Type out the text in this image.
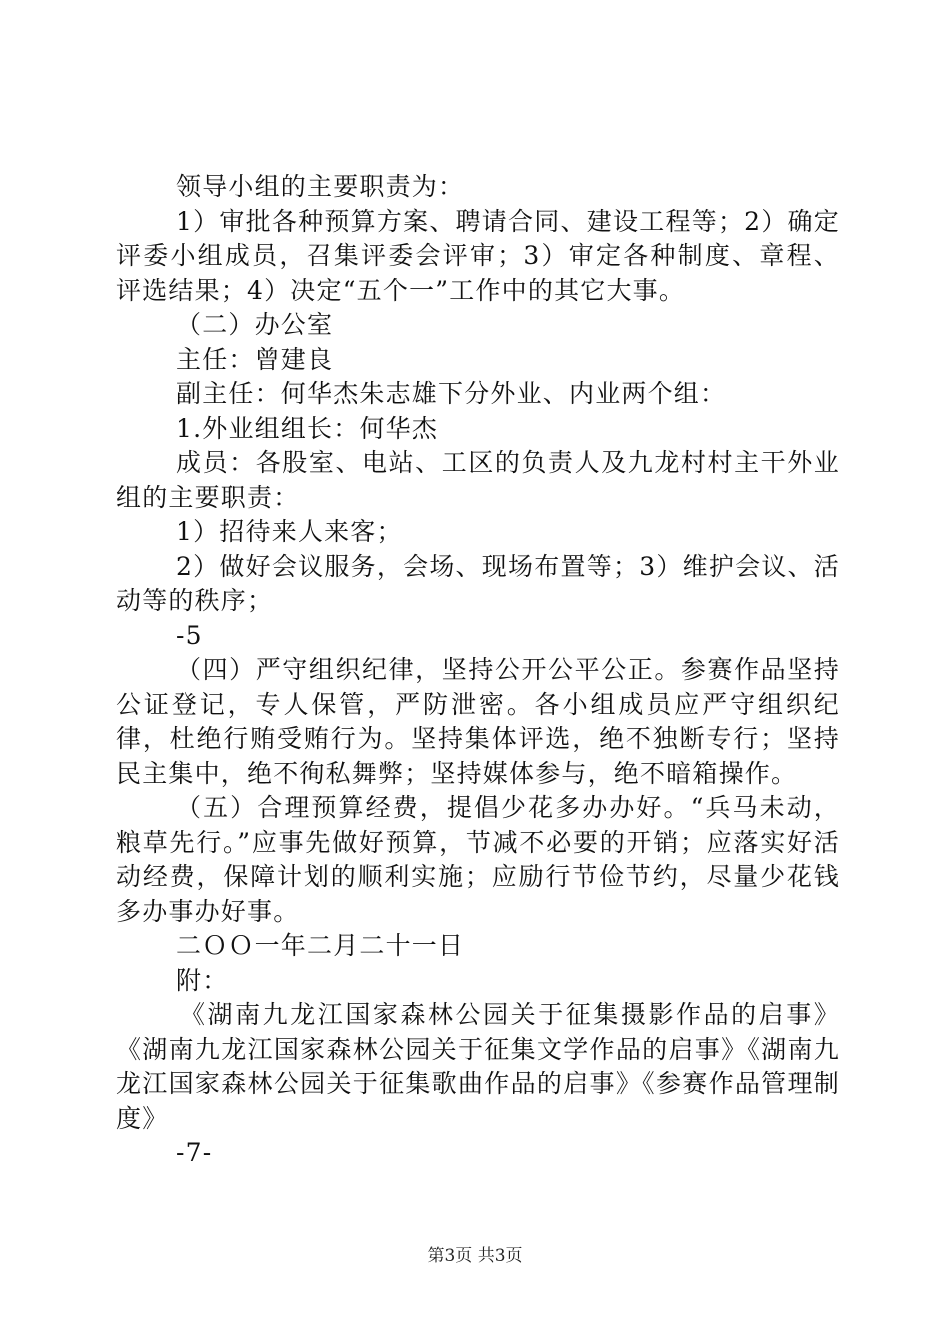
领导小组的主要职责为：

1）审批各种预算方案、聘请合同、建设工程等；2）确定评委小组成员，召集评委会评审；3）审定各种制度、章程、评选结果；4）决定“五个一”工作中的其它大事。

（二）办公室

主任：曾建良

副主任：何华杰朱志雄下分外业、内业两个组：

1.外业组组长：何华杰

成员：各股室、电站、工区的负责人及九龙村村主干外业组的主要职责：

1）招待来人来客；

2）做好会议服务，会场、现场布置等；3）维护会议、活动等的秩序；

-5

（四）严守组织纪律，坚持公开公平公正。参赛作品坚持公证登记，专人保管，严防泄密。各小组成员应严守组织纪律，杜绝行贿受贿行为。坚持集体评选，绝不独断专行；坚持民主集中，绝不徇私舞弊；坚持媒体参与，绝不暗箱操作。

（五）合理预算经费，提倡少花多办办好。“兵马未动，粮草先行。”应事先做好预算，节减不必要的开销；应落实好活动经费，保障计划的顺利实施；应励行节俭节约，尽量少花钱多办事办好事。

二ＯＯ一年二月二十一日

附：

《湖南九龙江国家森林公园关于征集摄影作品的启事》《湖南九龙江国家森林公园关于征集文学作品的启事》《湖南九龙江国家森林公园关于征集歌曲作品的启事》《参赛作品管理制度》

-7-

第3页 共3页
